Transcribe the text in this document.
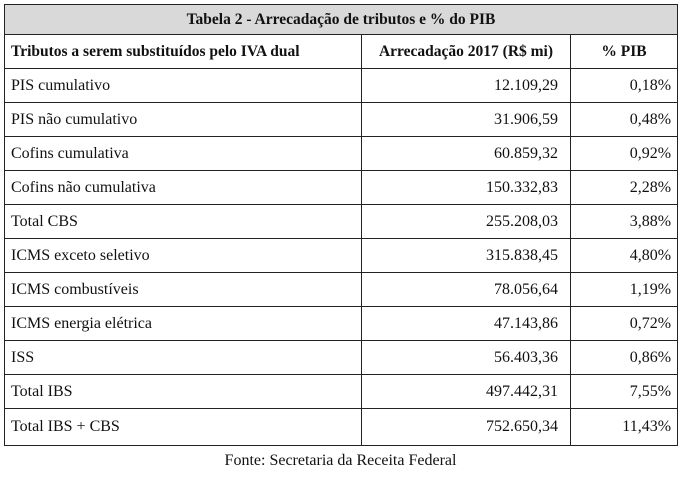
Tabela 2 - Arrecadação de tributos e % do PIB		
Tributos a serem substituídos pelo IVA dual	Arrecadação 2017 (R$ mi)	% PIB
PIS cumulativo	12.109,29	0,18%
PIS não cumulativo	31.906,59	0,48%
Cofins cumulativa	60.859,32	0,92%
Cofins não cumulativa	150.332,83	2,28%
Total CBS	255.208,03	3,88%
ICMS exceto seletivo	315.838,45	4,80%
ICMS combustíveis	78.056,64	1,19%
ICMS energia elétrica	47.143,86	0,72%
ISS	56.403,36	0,86%
Total IBS	497.442,31	7,55%
Total IBS + CBS	752.650,34	11,43%
Fonte: Secretaria da Receita Federal
